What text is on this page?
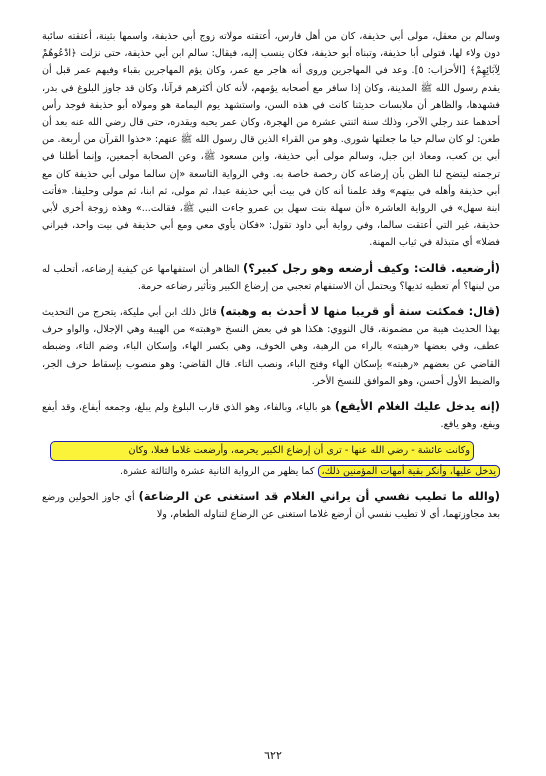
وسالم بن معقل، مولى أبي حذيفة، كان من أهل فارس، أعتقته مولاته زوج أبي حذيفة، واسمها بثينة، أعتقته سائبة دون ولاء لها، فتولى أبا حذيفة، وتبناه أبو حذيفة، فكان ينسب إليه، فيقال: سالم ابن أبي حذيفة، حتى نزلت ﴿ادْعُوهُمْ لِآبَائِهِمْ﴾ [الأحزاب: ٥]. وعد في المهاجرين وروى أنه هاجر مع عمر، وكان يؤم المهاجرين بقباء وفيهم عمر قبل أن يقدم رسول الله ﷺ المدينة، وكان إذا سافر مع أصحابه يؤمهم، لأنه كان أكثرهم قرآنا، وكان قد جاوز البلوغ في بدر، فشهدها، والظاهر أن ملابسات حديثنا كانت في هذه السن، واستشهد يوم اليمامة هو ومولاه أبو حذيفة فوجد رأس أحدهما عند رجلي الآخر، وذلك سنة اثنتي عشرة من الهجرة، وكان عمر يحبه ويقدره، حتى قال رضي الله عنه بعد أن طعن: لو كان سالم حيا ما جعلتها شورى. وهو من القراء الذين قال رسول الله ﷺ عنهم: «خذوا القرآن من أربعة. من أبي بن كعب، ومعاذ ابن جبل، وسالم مولى أبي حذيفة، وابن مسعود ﷺ، وعن الصحابة أجمعين، وإنما أطلنا في ترجمته ليتضح لنا الظن بأن إرضاعه كان رخصة خاصة به. وفي الرواية التاسعة «إن سالما مولى أبي حذيفة كان مع أبي حذيفة وأهله في بيتهم» وقد علمنا أنه كان في بيت أبي حذيفة عبدا، ثم مولى، ثم ابنا، ثم مولى وحليفا. «فأتت ابنة سهل» في الرواية العاشرة «أن سهلة بنت سهل بن عمرو جاءت النبي ﷺ، فقالت...» وهذه زوجة أخرى لأبي حذيفة، غير التي أعتقت سالما، وفي رواية أبي داود تقول: «فكان يأوي معي ومع أبي حذيفة في بيت واحد، فيراني فضلا» أي متبذلة في ثياب المهنة.

(أرضعيه. قالت: وكيف أرضعه وهو رجل كبير؟) الظاهر أن استفهامها عن كيفية إرضاعه، أتحلب له من لبنها؟ أم تعطيه ثديها؟ ويحتمل أن الاستفهام تعجبي من إرضاع الكبير وتأثير رضاعه حرمة.

(قال: فمكثت سنة أو قريبا منها لا أحدث به وهبته) قائل ذلك ابن أبي مليكة، يتحرج من التحديث بهذا الحديث هيبة من مضمونة، قال النووي: هكذا هو في بعض النسخ «وهبته» من الهيبة وهي الإجلال، والواو حرف عطف، وفي بعضها «رهبته» بالراء من الرهبة، وهي الخوف، وهي بكسر الهاء، وإسكان الباء، وضم التاء، وضبطه القاضي عن بعضهم «رهبته» بإسكان الهاء وفتح الباء، ونصب التاء. قال القاضي: وهو منصوب بإسقاط حرف الجر، والضبط الأول أحسن، وهو الموافق للنسخ الأخر.

(إنه يدخل عليك الغلام الأيفع) هو بالياء، وبالفاء، وهو الذي قارب البلوغ ولم يبلغ، وجمعه أيفاع، وقد أيفع ويفع، وهو يافع.

وكانت عائشة - رضي الله عنها - ترى أن إرضاع الكبير يحرمه، وأرضعت غلاما فعلا، وكان
يدخل عليها، وأنكر بقية أمهات المؤمنين ذلك، كما يظهر من الرواية الثانية عشرة والثالثة عشرة.

(والله ما تطيب نفسي أن يراني الغلام قد استغنى عن الرضاعة) أي جاوز الحولين ورضع بعد مجاوزتهما، أي لا تطيب نفسي أن أرضع غلاما استغنى عن الرضاع لتناوله الطعام، ولا

٦٢٢
